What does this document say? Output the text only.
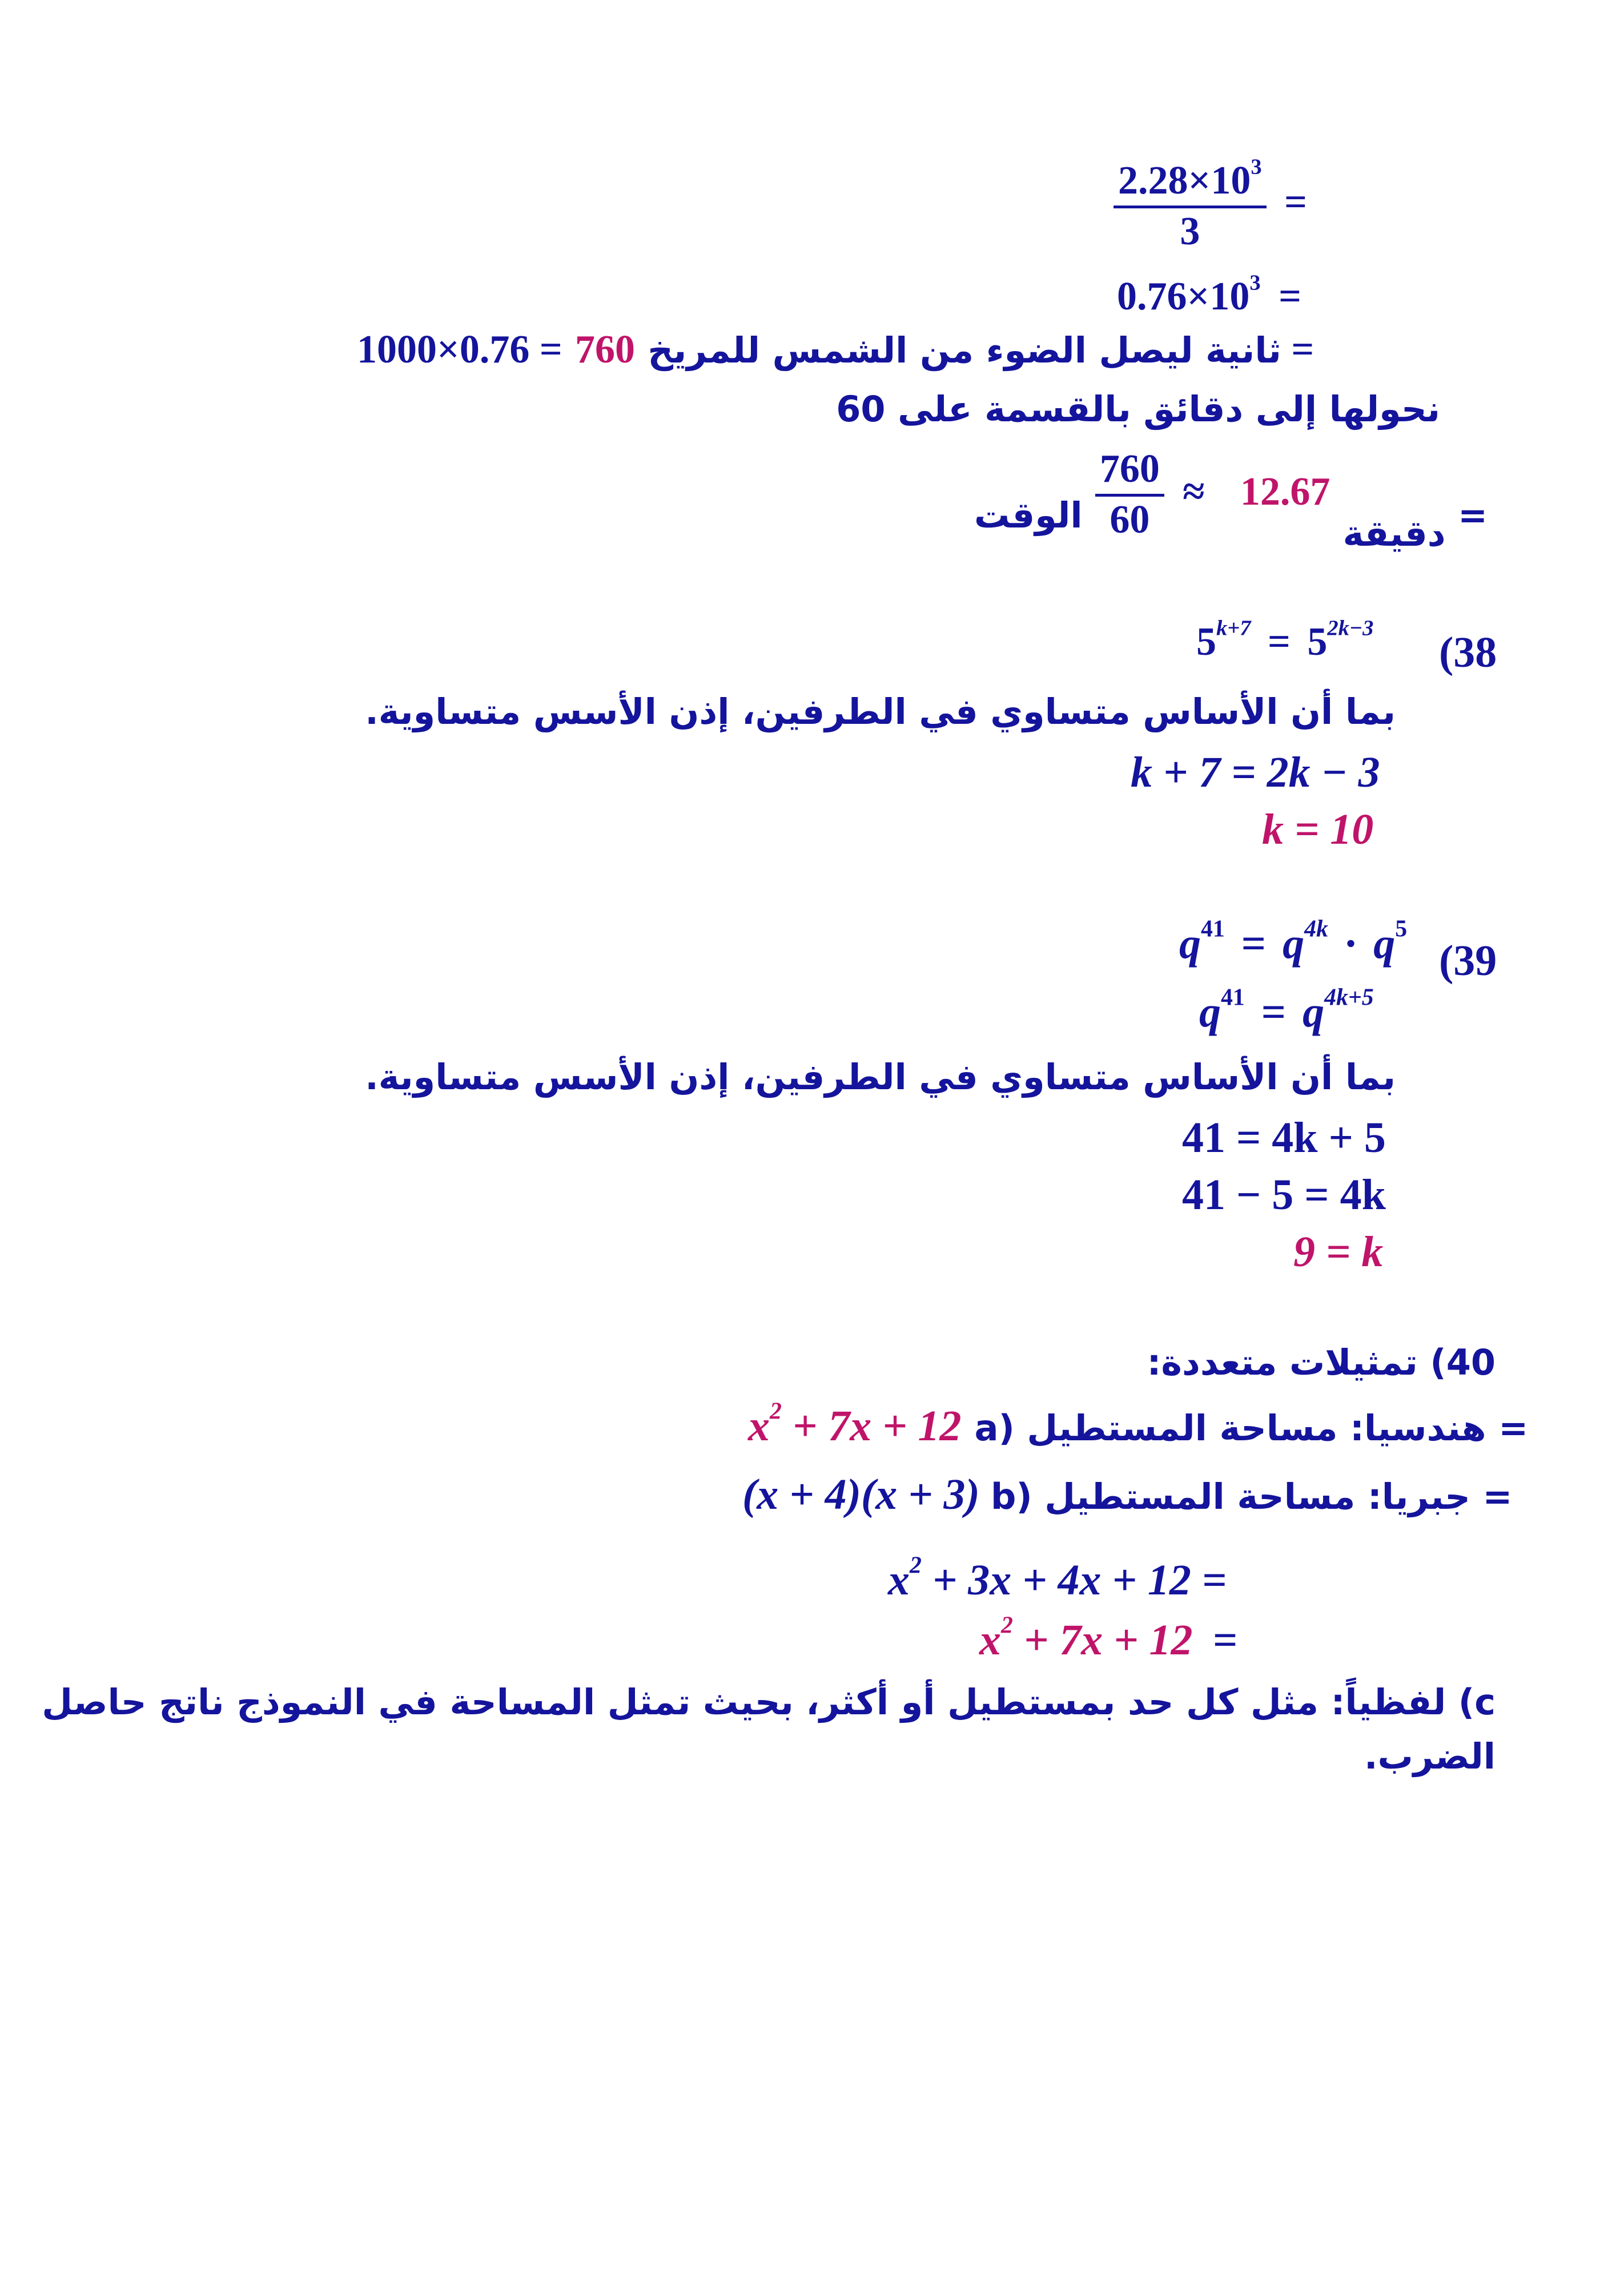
$\frac{2.28\times 10^3}{3}$ =
$0.76\times 10^3$ =
ثانية ليصل الضوء من الشمس للمريخ 760 = 0.76×1000 =
نحولها إلى دقائق بالقسمة على 60
دقيقة 12.67 ≈
$\frac{760}{60}$
الوقت =
$5^{k+7} = 5^{2k-3}$
(38
بما أن الأساس متساوي في الطرفين، إذن الأسس متساوية.
k + 7 = 2k − 3
k = 10
$q^{41} = q^{4k} \cdot q^5$
(39
$q^{41} = q^{4k+5}$
بما أن الأساس متساوي في الطرفين، إذن الأسس متساوية.
41 = 4k + 5
41 − 5 = 4k
9 = k
40) تمثيلات متعددة:
$x^2 + 7x + 12$ a) هندسيا: مساحة المستطيل =
(x + 4)(x + 3) b) جبريا: مساحة المستطيل =
$x^2 + 3x + 4x + 12$ =
$x^2 + 7x + 12$ =
c) لفظياً: مثل كل حد بمستطيل أو أكثر، بحيث تمثل المساحة في النموذج ناتج حاصل
الضرب.
